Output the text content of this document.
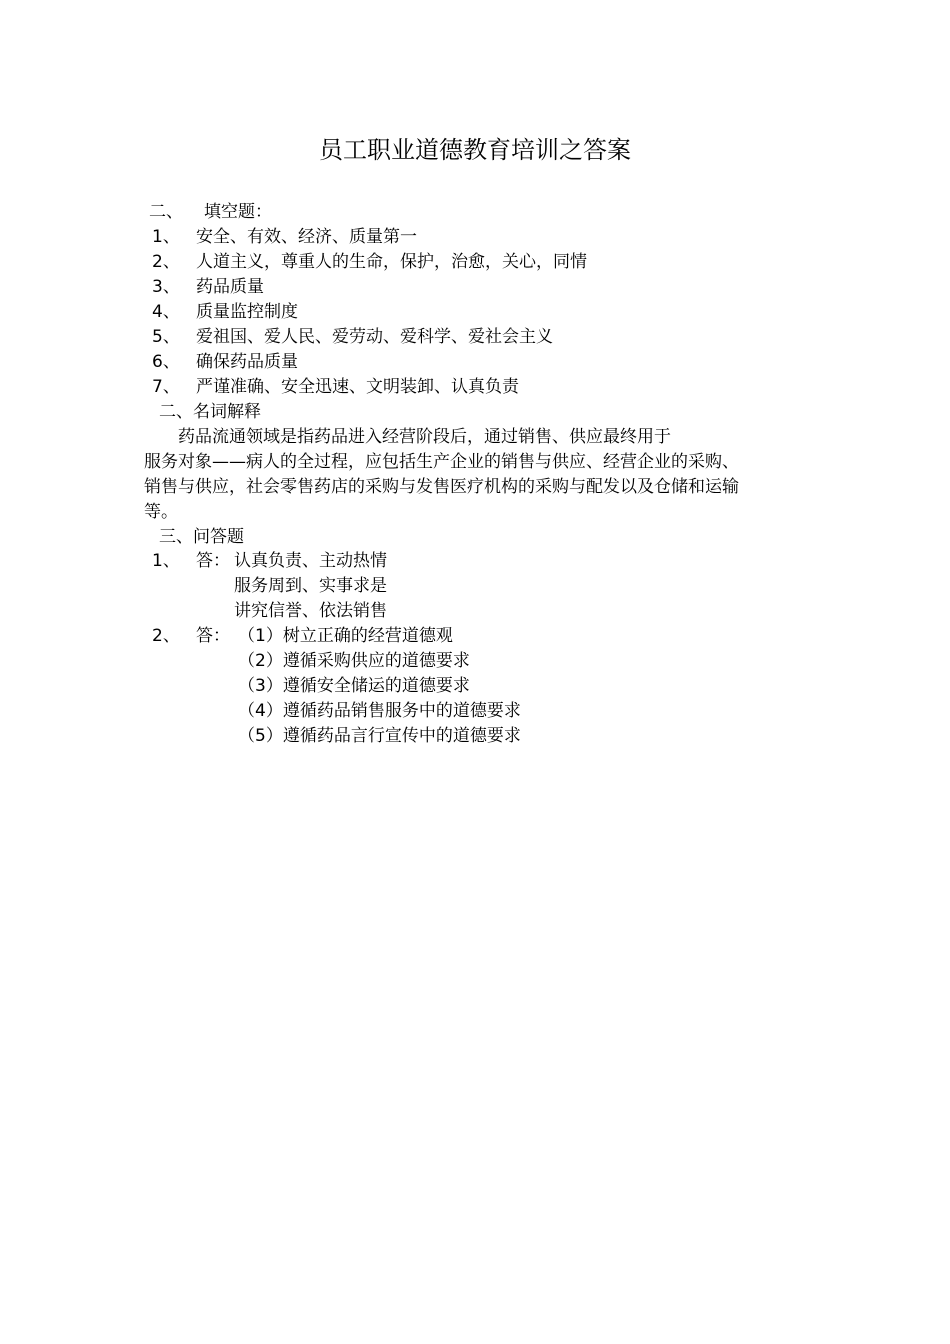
员工职业道德教育培训之答案
二、 填空题：
1、 安全、有效、经济、质量第一
2、 人道主义，尊重人的生命，保护，治愈，关心，同情
3、 药品质量
4、 质量监控制度
5、 爱祖国、爱人民、爱劳动、爱科学、爱社会主义
6、 确保药品质量
7、 严谨准确、安全迅速、文明装卸、认真负责
二、名词解释
药品流通领域是指药品进入经营阶段后，通过销售、供应最终用于
服务对象——病人的全过程，应包括生产企业的销售与供应、经营企业的采购、
销售与供应，社会零售药店的采购与发售医疗机构的采购与配发以及仓储和运输
等。
三、问答题
1、 答： 认真负责、主动热情
服务周到、实事求是
讲究信誉、依法销售
2、 答： （1）树立正确的经营道德观
（2）遵循采购供应的道德要求
（3）遵循安全储运的道德要求
（4）遵循药品销售服务中的道德要求
（5）遵循药品言行宣传中的道德要求
